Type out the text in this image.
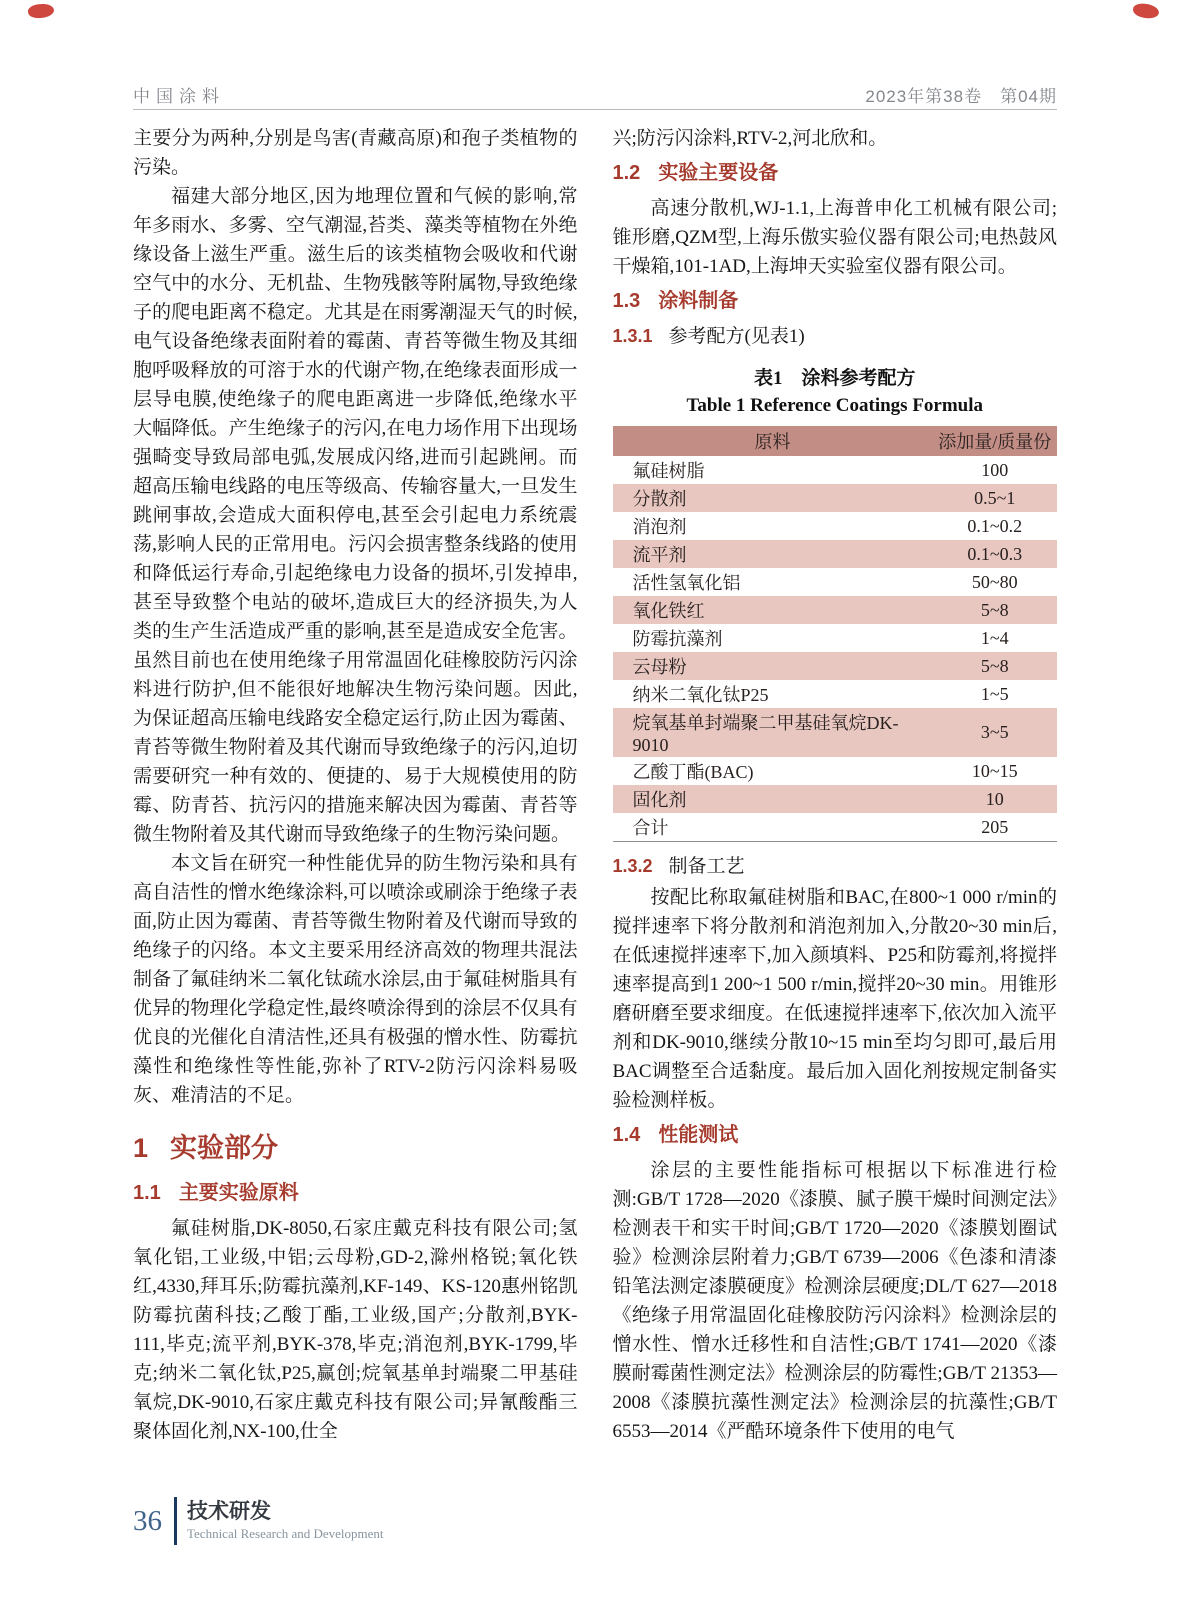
中国涂料	2023年第38卷　第04期

主要分为两种,分别是鸟害(青藏高原)和孢子类植物的污染。

福建大部分地区,因为地理位置和气候的影响,常年多雨水、多雾、空气潮湿,苔类、藻类等植物在外绝缘设备上滋生严重。滋生后的该类植物会吸收和代谢空气中的水分、无机盐、生物残骸等附属物,导致绝缘子的爬电距离不稳定。尤其是在雨雾潮湿天气的时候,电气设备绝缘表面附着的霉菌、青苔等微生物及其细胞呼吸释放的可溶于水的代谢产物,在绝缘表面形成一层导电膜,使绝缘子的爬电距离进一步降低,绝缘水平大幅降低。产生绝缘子的污闪,在电力场作用下出现场强畸变导致局部电弧,发展成闪络,进而引起跳闸。而超高压输电线路的电压等级高、传输容量大,一旦发生跳闸事故,会造成大面积停电,甚至会引起电力系统震荡,影响人民的正常用电。污闪会损害整条线路的使用和降低运行寿命,引起绝缘电力设备的损坏,引发掉串,甚至导致整个电站的破坏,造成巨大的经济损失,为人类的生产生活造成严重的影响,甚至是造成安全危害。虽然目前也在使用绝缘子用常温固化硅橡胶防污闪涂料进行防护,但不能很好地解决生物污染问题。因此,为保证超高压输电线路安全稳定运行,防止因为霉菌、青苔等微生物附着及其代谢而导致绝缘子的污闪,迫切需要研究一种有效的、便捷的、易于大规模使用的防霉、防青苔、抗污闪的措施来解决因为霉菌、青苔等微生物附着及其代谢而导致绝缘子的生物污染问题。

本文旨在研究一种性能优异的防生物污染和具有高自洁性的憎水绝缘涂料,可以喷涂或刷涂于绝缘子表面,防止因为霉菌、青苔等微生物附着及代谢而导致的绝缘子的闪络。本文主要采用经济高效的物理共混法制备了氟硅纳米二氧化钛疏水涂层,由于氟硅树脂具有优异的物理化学稳定性,最终喷涂得到的涂层不仅具有优良的光催化自清洁性,还具有极强的憎水性、防霉抗藻性和绝缘性等性能,弥补了RTV-2防污闪涂料易吸灰、难清洁的不足。

1 实验部分
1.1 主要实验原料

氟硅树脂,DK-8050,石家庄戴克科技有限公司;氢氧化铝,工业级,中铝;云母粉,GD-2,滁州格锐;氧化铁红,4330,拜耳乐;防霉抗藻剂,KF-149、KS-120惠州铭凯防霉抗菌科技;乙酸丁酯,工业级,国产;分散剂,BYK-111,毕克;流平剂,BYK-378,毕克;消泡剂,BYK-1799,毕克;纳米二氧化钛,P25,赢创;烷氧基单封端聚二甲基硅氧烷,DK-9010,石家庄戴克科技有限公司;异氰酸酯三聚体固化剂,NX-100,仕全

兴;防污闪涂料,RTV-2,河北欣和。

1.2 实验主要设备

高速分散机,WJ-1.1,上海普申化工机械有限公司;锥形磨,QZM型,上海乐傲实验仪器有限公司;电热鼓风干燥箱,101-1AD,上海坤天实验室仪器有限公司。

1.3 涂料制备
1.3.1 参考配方(见表1)
表1　涂料参考配方
Table 1 Reference Coatings Formula
原料	添加量/质量份
氟硅树脂	100
分散剂	0.5~1
消泡剂	0.1~0.2
流平剂	0.1~0.3
活性氢氧化铝	50~80
氧化铁红	5~8
防霉抗藻剂	1~4
云母粉	5~8
纳米二氧化钛P25	1~5
烷氧基单封端聚二甲基硅氧烷DK-9010	3~5
乙酸丁酯(BAC)	10~15
固化剂	10
合计	205
1.3.2 制备工艺

按配比称取氟硅树脂和BAC,在800~1 000 r/min的搅拌速率下将分散剂和消泡剂加入,分散20~30 min后,在低速搅拌速率下,加入颜填料、P25和防霉剂,将搅拌速率提高到1 200~1 500 r/min,搅拌20~30 min。用锥形磨研磨至要求细度。在低速搅拌速率下,依次加入流平剂和DK-9010,继续分散10~15 min至均匀即可,最后用BAC调整至合适黏度。最后加入固化剂按规定制备实验检测样板。

1.4 性能测试

涂层的主要性能指标可根据以下标准进行检测:GB/T 1728—2020《漆膜、腻子膜干燥时间测定法》检测表干和实干时间;GB/T 1720—2020《漆膜划圈试验》检测涂层附着力;GB/T 6739—2006《色漆和清漆 铅笔法测定漆膜硬度》检测涂层硬度;DL/T 627—2018《绝缘子用常温固化硅橡胶防污闪涂料》检测涂层的憎水性、憎水迁移性和自洁性;GB/T 1741—2020《漆膜耐霉菌性测定法》检测涂层的防霉性;GB/T 21353—2008《漆膜抗藻性测定法》检测涂层的抗藻性;GB/T 6553—2014《严酷环境条件下使用的电气

36 技术研发
Technical Research and Development
